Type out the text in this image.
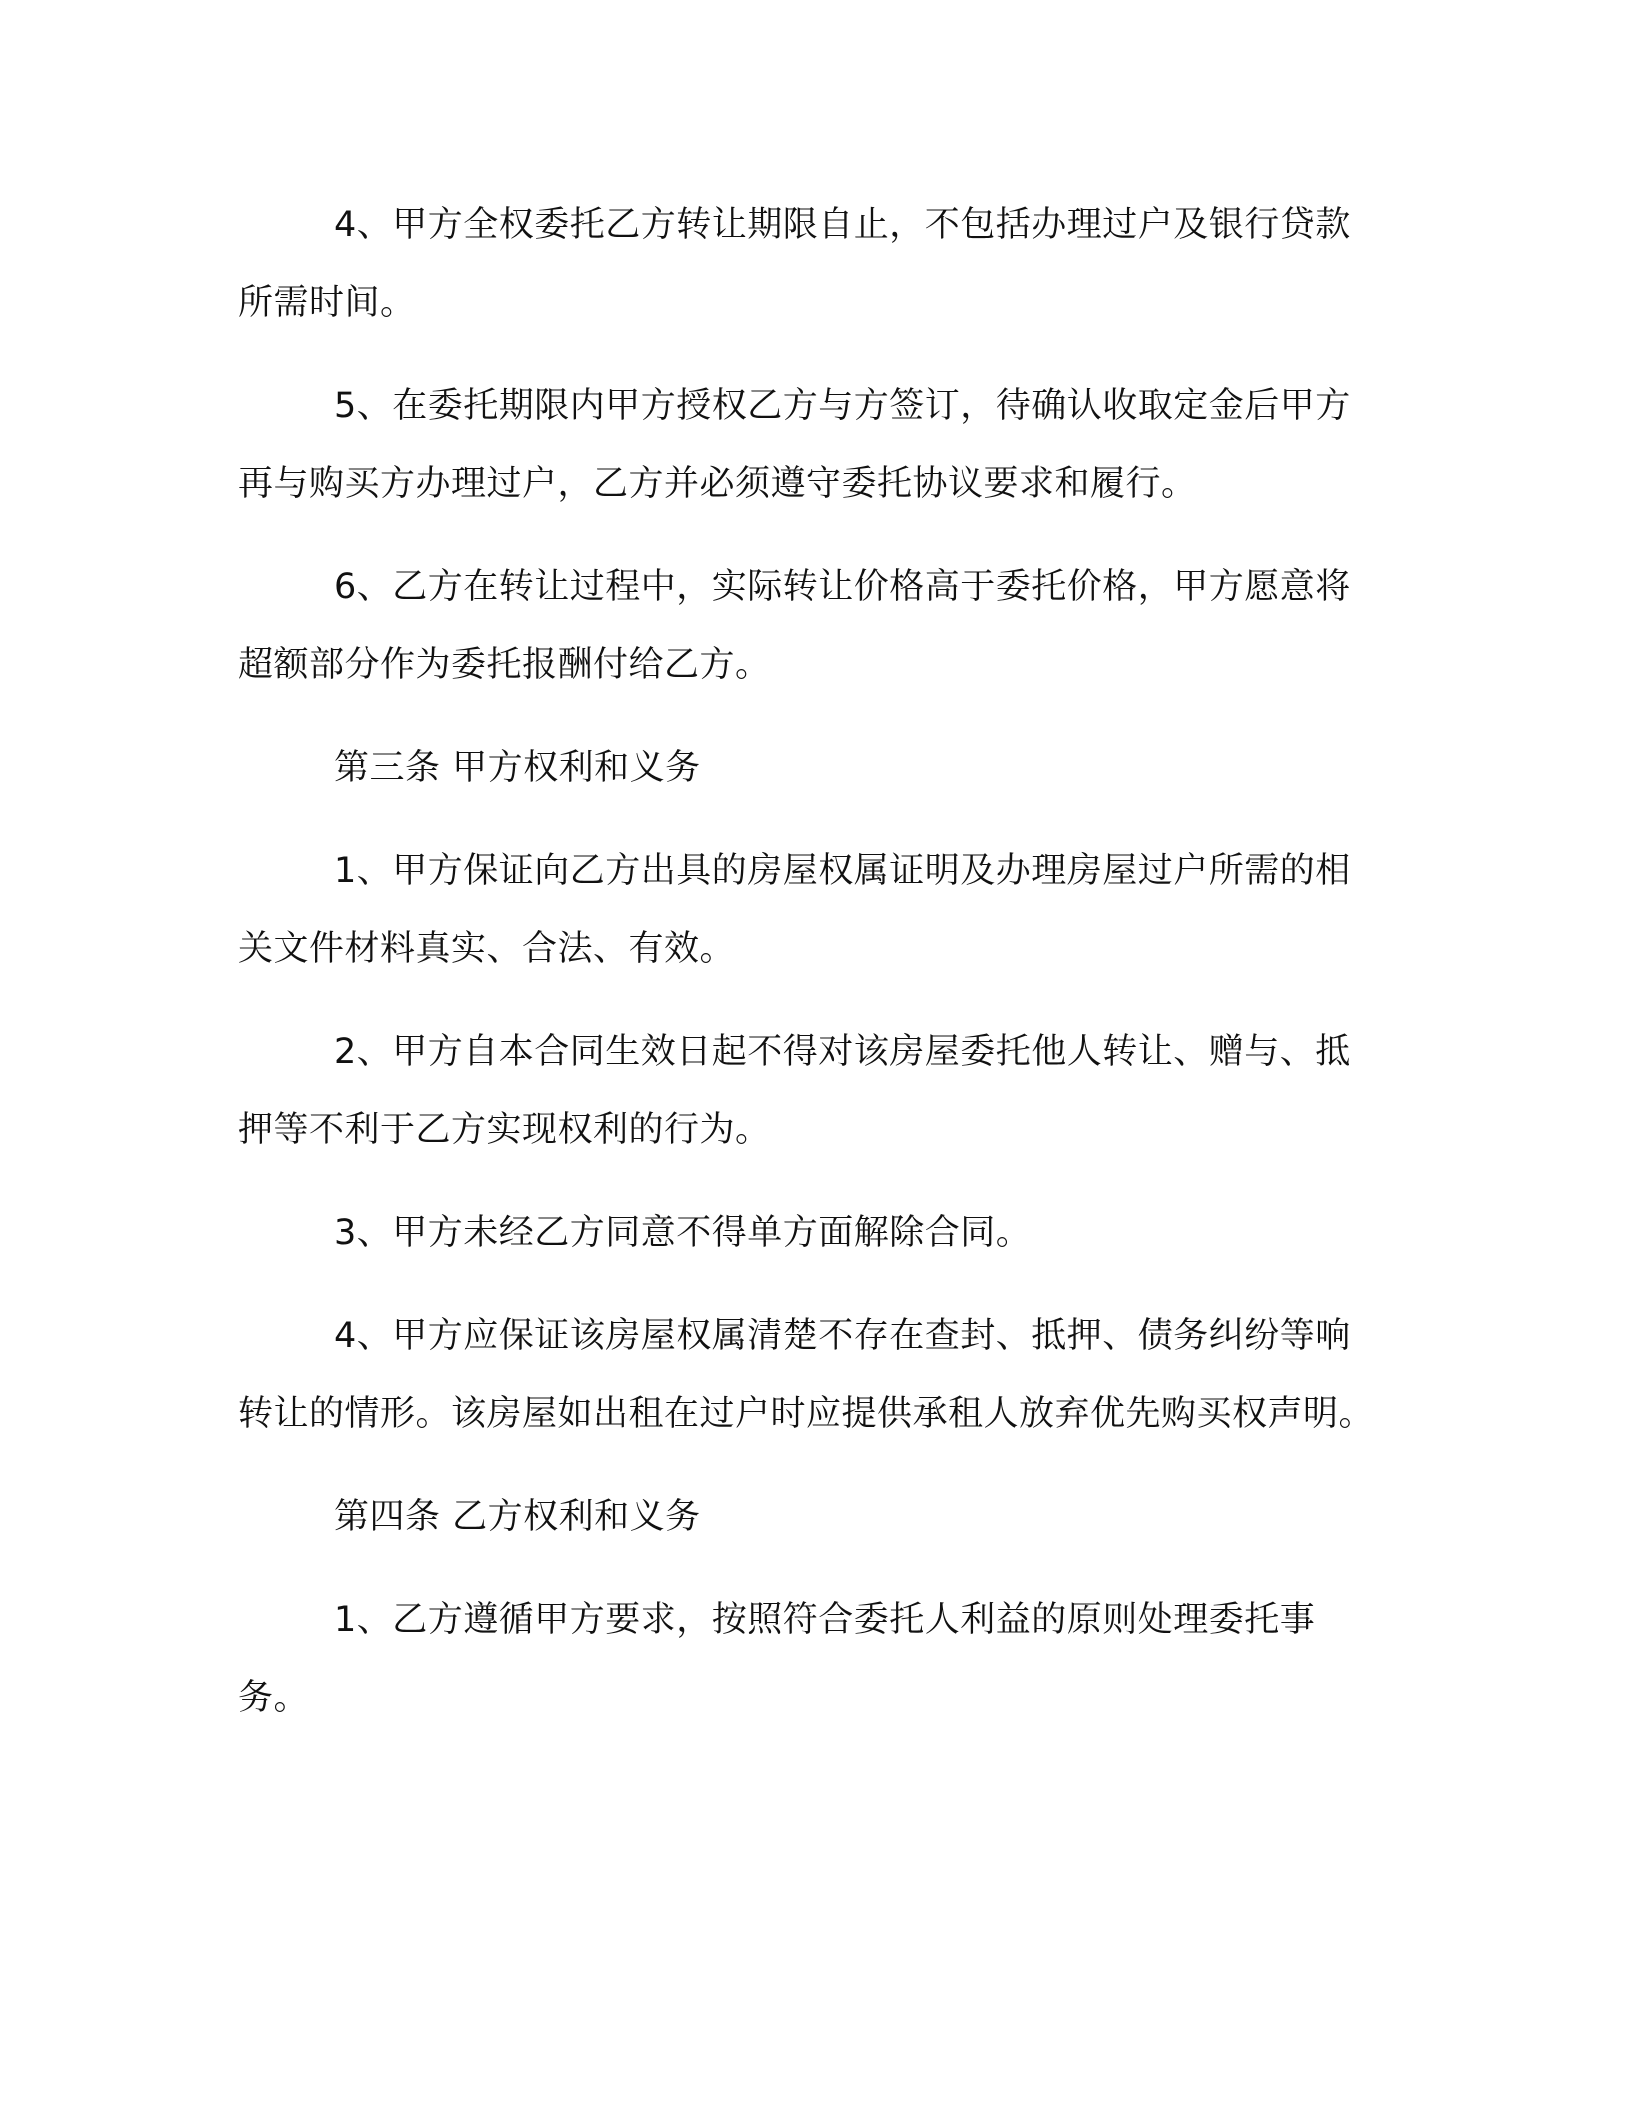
4、甲方全权委托乙方转让期限自止，不包括办理过户及银行贷款所需时间。

5、在委托期限内甲方授权乙方与方签订，待确认收取定金后甲方再与购买方办理过户，乙方并必须遵守委托协议要求和履行。

6、乙方在转让过程中，实际转让价格高于委托价格，甲方愿意将超额部分作为委托报酬付给乙方。

第三条 甲方权利和义务

1、甲方保证向乙方出具的房屋权属证明及办理房屋过户所需的相关文件材料真实、合法、有效。

2、甲方自本合同生效日起不得对该房屋委托他人转让、赠与、抵押等不利于乙方实现权利的行为。

3、甲方未经乙方同意不得单方面解除合同。

4、甲方应保证该房屋权属清楚不存在查封、抵押、债务纠纷等响转让的情形。该房屋如出租在过户时应提供承租人放弃优先购买权声明。

第四条 乙方权利和义务

1、乙方遵循甲方要求，按照符合委托人利益的原则处理委托事务。
